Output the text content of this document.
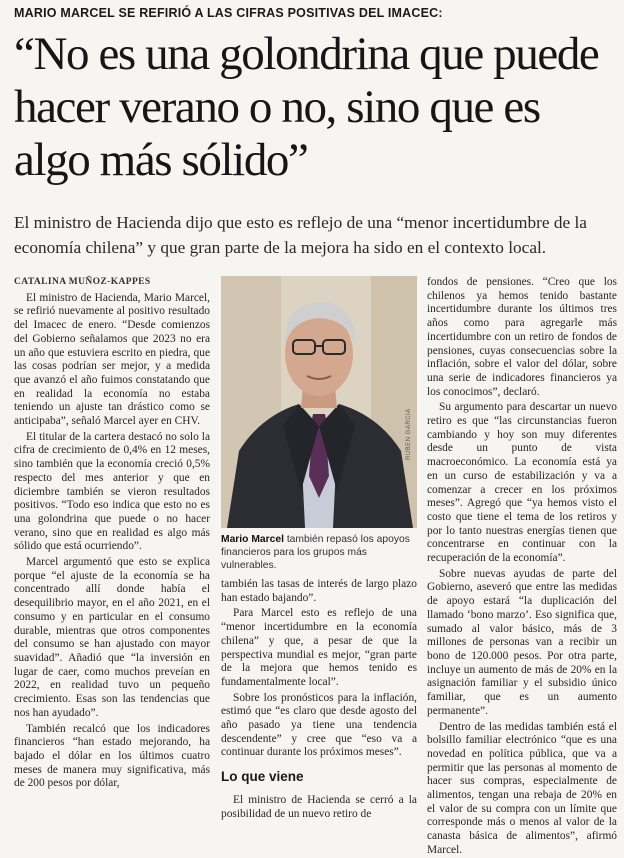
MARIO MARCEL SE REFIRIÓ A LAS CIFRAS POSITIVAS DEL IMACEC:
“No es una golondrina que puede hacer verano o no, sino que es algo más sólido”
El ministro de Hacienda dijo que esto es reflejo de una “menor incertidumbre de la economía chilena” y que gran parte de la mejora ha sido en el contexto local.

CATALINA MUÑOZ-KAPPES

El ministro de Hacienda, Mario Marcel, se refirió nuevamente al positivo resultado del Imacec de enero. “Desde comienzos del Gobierno señalamos que 2023 no era un año que estuviera escrito en piedra, que las cosas podrían ser mejor, y a medida que avanzó el año fuimos constatando que en realidad la economía no estaba teniendo un ajuste tan drástico como se anticipaba”, señaló Marcel ayer en CHV.

El titular de la cartera destacó no solo la cifra de crecimiento de 0,4% en 12 meses, sino también que la economía creció 0,5% respecto del mes anterior y que en diciembre también se vieron resultados positivos. “Todo eso indica que esto no es una golondrina que puede o no hacer verano, sino que en realidad es algo más sólido que está ocurriendo”.

Marcel argumentó que esto se explica porque “el ajuste de la economía se ha concentrado allí donde había el desequilibrio mayor, en el año 2021, en el consumo y en particular en el consumo durable, mientras que otros componentes del consumo se han ajustado con mayor suavidad”. Añadió que “la inversión en lugar de caer, como muchos preveían en 2022, en realidad tuvo un pequeño crecimiento. Esas son las tendencias que nos han ayudado”.

También recalcó que los indicadores financieros “han estado mejorando, ha bajado el dólar en los últimos cuatro meses de manera muy significativa, más de 200 pesos por dólar,

RUBEN GARCIA
Mario Marcel también repasó los apoyos financieros para los grupos más vulnerables.

también las tasas de interés de largo plazo han estado bajando”.

Para Marcel esto es reflejo de una “menor incertidumbre en la economía chilena” y que, a pesar de que la perspectiva mundial es mejor, “gran parte de la mejora que hemos tenido es fundamentalmente local”.

Sobre los pronósticos para la inflación, estimó que “es claro que desde agosto del año pasado ya tiene una tendencia descendente” y cree que “eso va a continuar durante los próximos meses”.

Lo que viene

El ministro de Hacienda se cerró a la posibilidad de un nuevo retiro de

fondos de pensiones. “Creo que los chilenos ya hemos tenido bastante incertidumbre durante los últimos tres años como para agregarle más incertidumbre con un retiro de fondos de pensiones, cuyas consecuencias sobre la inflación, sobre el valor del dólar, sobre una serie de indicadores financieros ya los conocimos”, declaró.

Su argumento para descartar un nuevo retiro es que “las circunstancias fueron cambiando y hoy son muy diferentes desde un punto de vista macroeconómico. La economía está ya en un curso de estabilización y va a comenzar a crecer en los próximos meses”. Agregó que “ya hemos visto el costo que tiene el tema de los retiros y por lo tanto nuestras energías tienen que concentrarse en continuar con la recuperación de la economía”.

Sobre nuevas ayudas de parte del Gobierno, aseveró que entre las medidas de apoyo estará “la duplicación del llamado ‘bono marzo’. Eso significa que, sumado al valor básico, más de 3 millones de personas van a recibir un bono de 120.000 pesos. Por otra parte, incluye un aumento de más de 20% en la asignación familiar y el subsidio único familiar, que es un aumento permanente”.

Dentro de las medidas también está el bolsillo familiar electrónico “que es una novedad en política pública, que va a permitir que las personas al momento de hacer sus compras, especialmente de alimentos, tengan una rebaja de 20% en el valor de su compra con un límite que corresponde más o menos al valor de la canasta básica de alimentos”, afirmó Marcel.
